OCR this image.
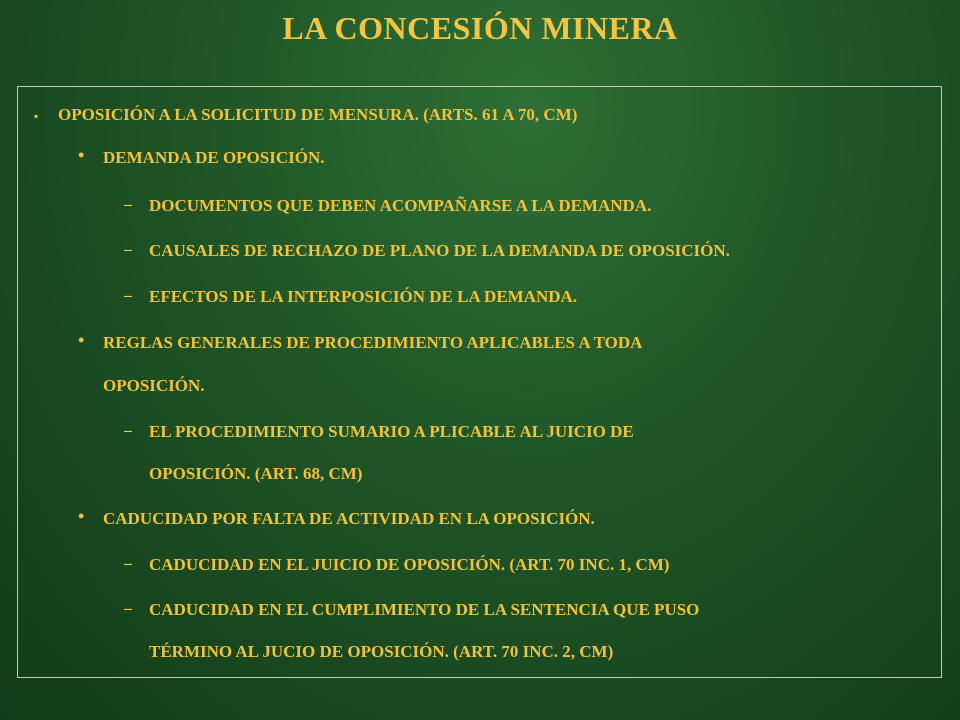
LA CONCESIÓN MINERA
▪ OPOSICIÓN A LA SOLICITUD DE MENSURA. (ARTS. 61 A 70, CM)
• DEMANDA DE OPOSICIÓN.
– DOCUMENTOS QUE DEBEN ACOMPAÑARSE A LA DEMANDA.
– CAUSALES DE RECHAZO DE PLANO DE LA DEMANDA DE OPOSICIÓN.
– EFECTOS DE LA INTERPOSICIÓN DE LA DEMANDA.
• REGLAS GENERALES DE PROCEDIMIENTO APLICABLES A TODA
OPOSICIÓN.
– EL PROCEDIMIENTO SUMARIO A PLICABLE AL JUICIO DE
OPOSICIÓN. (ART. 68, CM)
• CADUCIDAD POR FALTA DE ACTIVIDAD EN LA OPOSICIÓN.
– CADUCIDAD EN EL JUICIO DE OPOSICIÓN. (ART. 70 INC. 1, CM)
– CADUCIDAD EN EL CUMPLIMIENTO DE LA SENTENCIA QUE PUSO
TÉRMINO AL JUCIO DE OPOSICIÓN. (ART. 70 INC. 2, CM)
